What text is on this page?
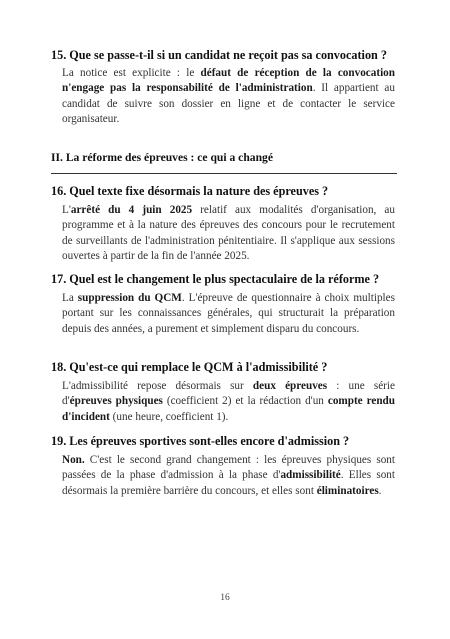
15. Que se passe-t-il si un candidat ne reçoit pas sa convocation ?

La notice est explicite : le défaut de réception de la convocation n'engage pas la responsabilité de l'administration. Il appartient au candidat de suivre son dossier en ligne et de contacter le service organisateur.

II. La réforme des épreuves : ce qui a changé
16. Quel texte fixe désormais la nature des épreuves ?

L'arrêté du 4 juin 2025 relatif aux modalités d'organisation, au programme et à la nature des épreuves des concours pour le recrutement de surveillants de l'administration pénitentiaire. Il s'applique aux sessions ouvertes à partir de la fin de l'année 2025.

17. Quel est le changement le plus spectaculaire de la réforme ?

La suppression du QCM. L'épreuve de questionnaire à choix multiples portant sur les connaissances générales, qui structurait la préparation depuis des années, a purement et simplement disparu du concours.

18. Qu'est-ce qui remplace le QCM à l'admissibilité ?

L'admissibilité repose désormais sur deux épreuves : une série d'épreuves physiques (coefficient 2) et la rédaction d'un compte rendu d'incident (une heure, coefficient 1).

19. Les épreuves sportives sont-elles encore d'admission ?

Non. C'est le second grand changement : les épreuves physiques sont passées de la phase d'admission à la phase d'admissibilité. Elles sont désormais la première barrière du concours, et elles sont éliminatoires.

16
